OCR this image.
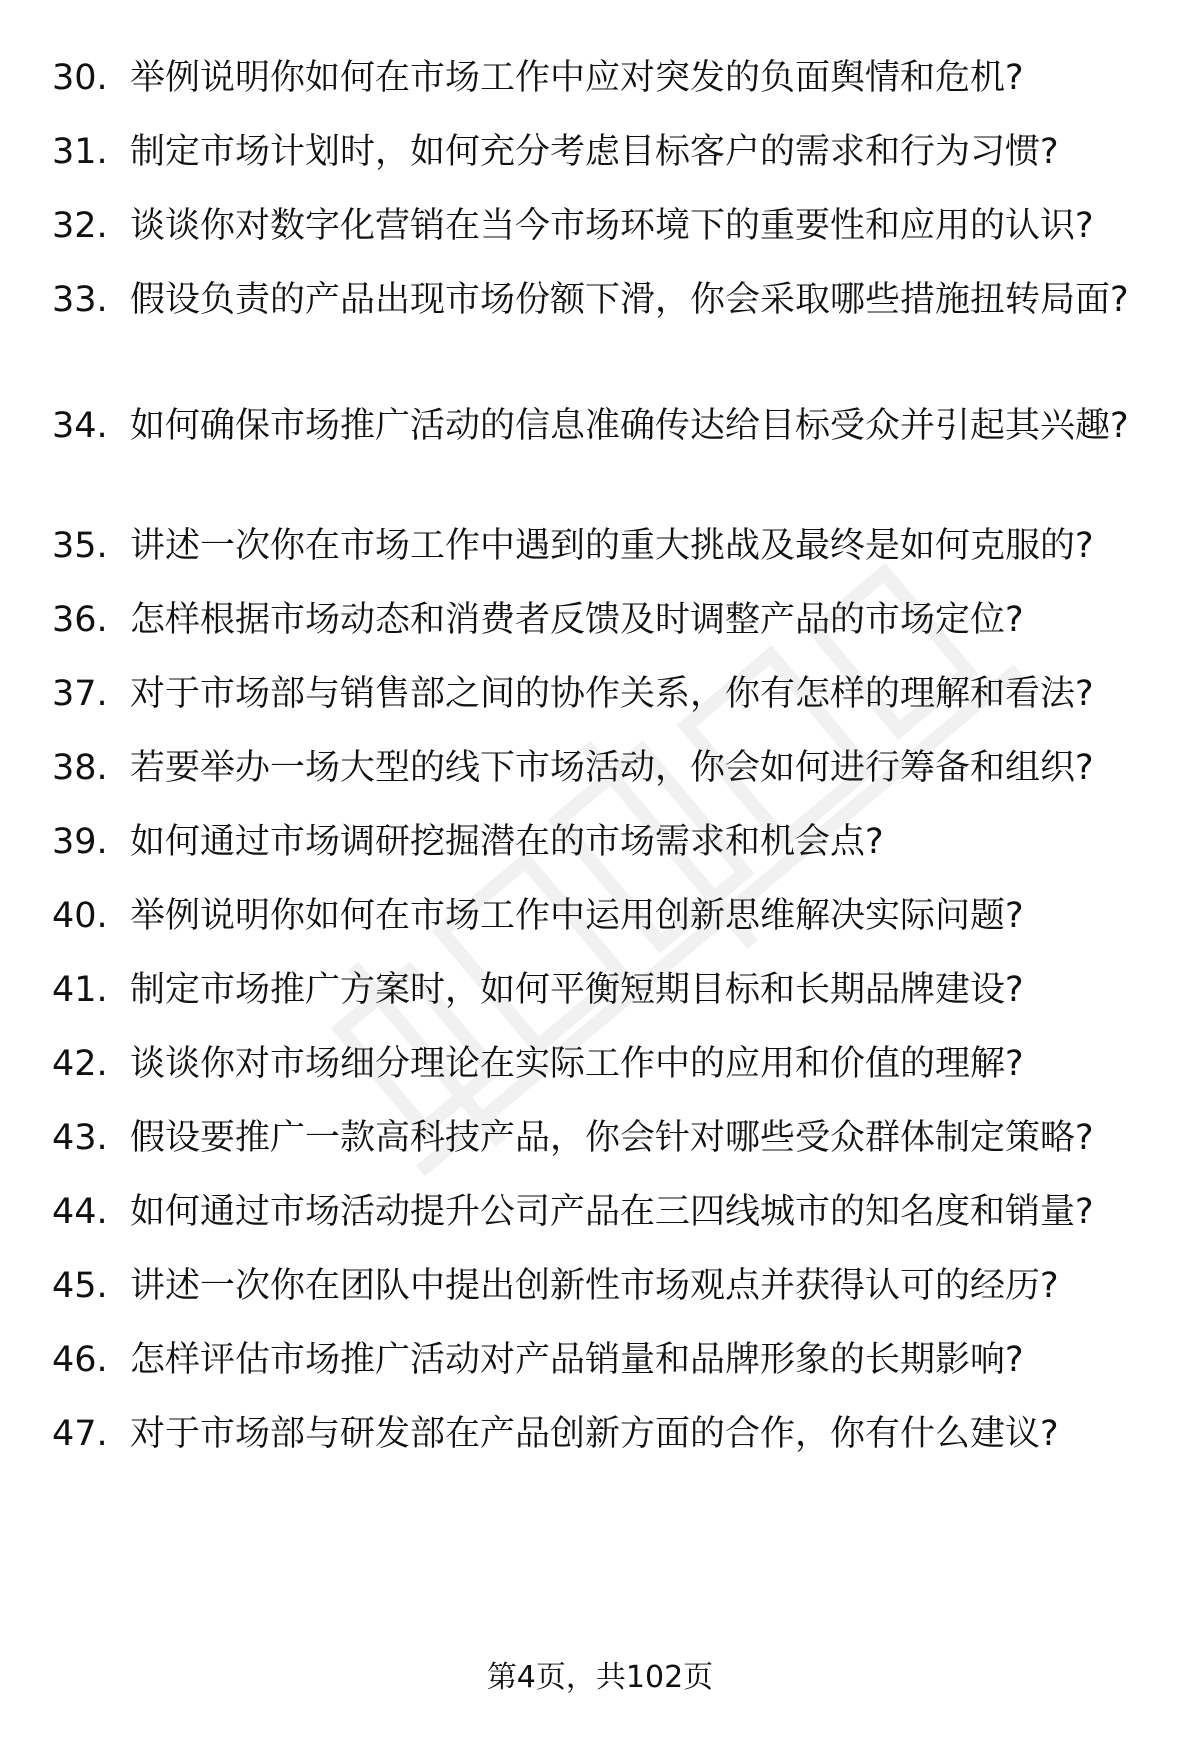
30. 举例说明你如何在市场工作中应对突发的负面舆情和危机?
31. 制定市场计划时，如何充分考虑目标客户的需求和行为习惯?
32. 谈谈你对数字化营销在当今市场环境下的重要性和应用的认识?
33. 假设负责的产品出现市场份额下滑，你会采取哪些措施扭转局面?
34. 如何确保市场推广活动的信息准确传达给目标受众并引起其兴趣?
35. 讲述一次你在市场工作中遇到的重大挑战及最终是如何克服的?
36. 怎样根据市场动态和消费者反馈及时调整产品的市场定位?
37. 对于市场部与销售部之间的协作关系，你有怎样的理解和看法?
38. 若要举办一场大型的线下市场活动，你会如何进行筹备和组织?
39. 如何通过市场调研挖掘潜在的市场需求和机会点?
40. 举例说明你如何在市场工作中运用创新思维解决实际问题?
41. 制定市场推广方案时，如何平衡短期目标和长期品牌建设?
42. 谈谈你对市场细分理论在实际工作中的应用和价值的理解?
43. 假设要推广一款高科技产品，你会针对哪些受众群体制定策略?
44. 如何通过市场活动提升公司产品在三四线城市的知名度和销量?
45. 讲述一次你在团队中提出创新性市场观点并获得认可的经历?
46. 怎样评估市场推广活动对产品销量和品牌形象的长期影响?
47. 对于市场部与研发部在产品创新方面的合作，你有什么建议?
第4页，共102页
